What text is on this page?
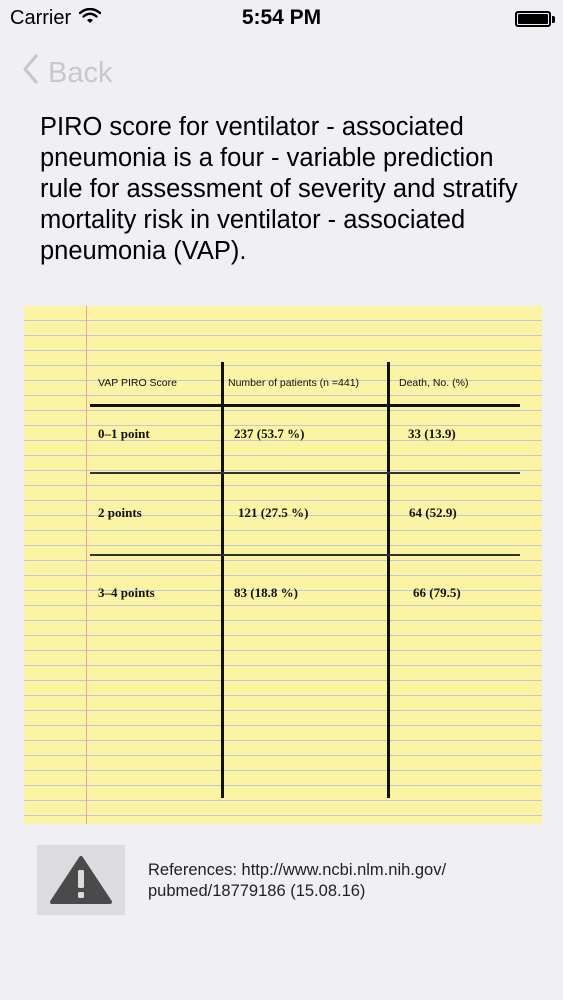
Carrier	5:54 PM
Back

PIRO score for ventilator - associated pneumonia is a four - variable prediction rule for assessment of severity and stratify mortality risk in ventilator - associated pneumonia (VAP).

VAP PIRO Score	Number of patients (n =441)	Death, No. (%)
0–1 point	237 (53.7 %)	33 (13.9)
2 points	121 (27.5 %)	64 (52.9)
3–4 points	83 (18.8 %)	66 (79.5)
References: http://www.ncbi.nlm.nih.gov/
pubmed/18779186 (15.08.16)
